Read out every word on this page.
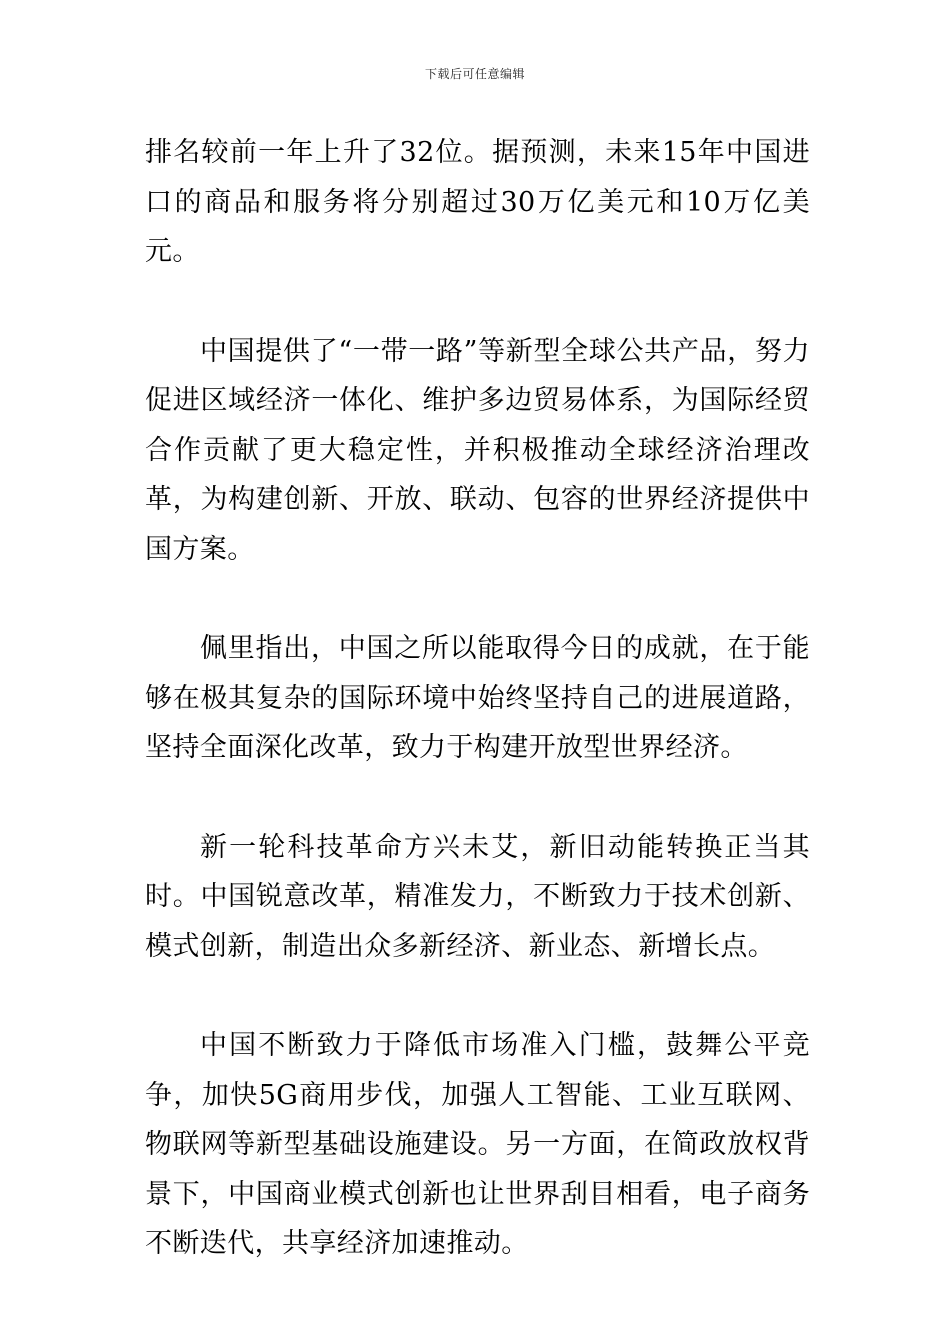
下载后可任意编辑

排名较前一年上升了32位。据预测，未来15年中国进口的商品和服务将分别超过30万亿美元和10万亿美元。

中国提供了“一带一路”等新型全球公共产品，努力促进区域经济一体化、维护多边贸易体系，为国际经贸合作贡献了更大稳定性，并积极推动全球经济治理改革，为构建创新、开放、联动、包容的世界经济提供中国方案。

佩里指出，中国之所以能取得今日的成就，在于能够在极其复杂的国际环境中始终坚持自己的进展道路，坚持全面深化改革，致力于构建开放型世界经济。

新一轮科技革命方兴未艾，新旧动能转换正当其时。中国锐意改革，精准发力，不断致力于技术创新、模式创新，制造出众多新经济、新业态、新增长点。

中国不断致力于降低市场准入门槛，鼓舞公平竞争，加快5G商用步伐，加强人工智能、工业互联网、物联网等新型基础设施建设。另一方面，在简政放权背景下，中国商业模式创新也让世界刮目相看，电子商务不断迭代，共享经济加速推动。
